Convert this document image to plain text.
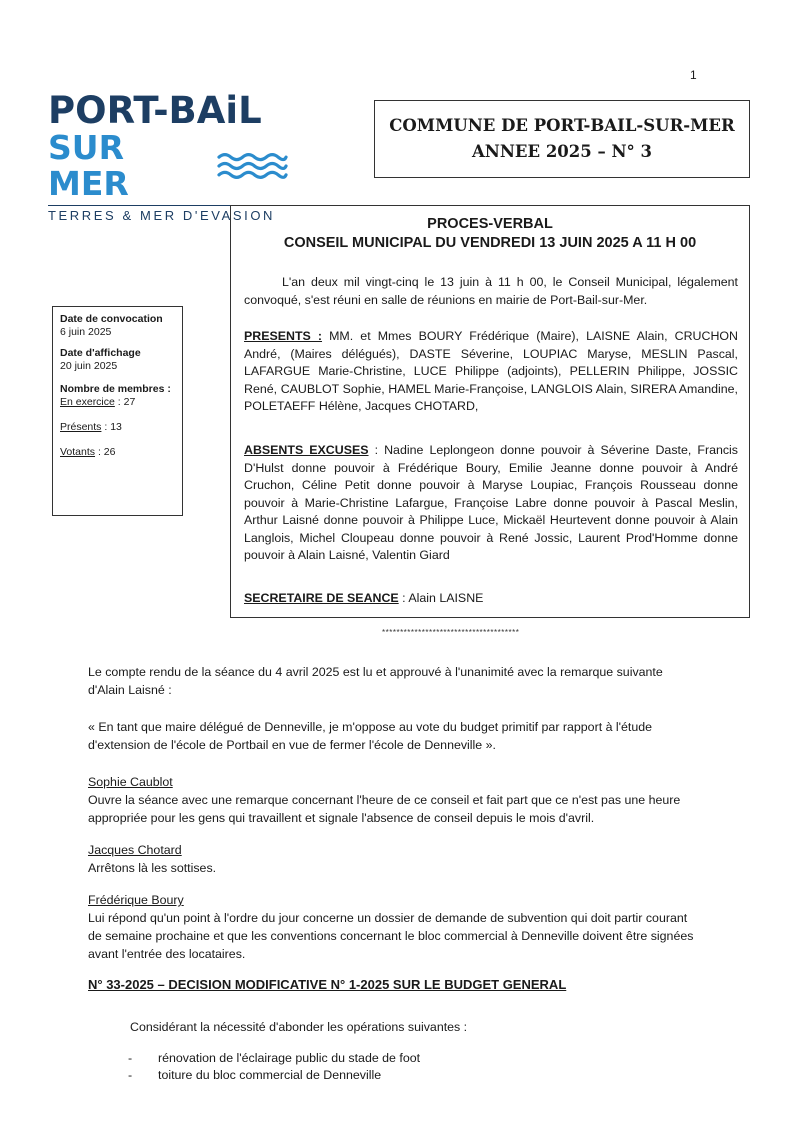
1
PORT-BAiL
SUR MER
TERRES & MER D'EVASION
COMMUNE DE PORT-BAIL-SUR-MER
ANNEE 2025 – N° 3
Date de convocation
6 juin 2025
Date d'affichage
20 juin 2025
Nombre de membres :
En exercice : 27
Présents : 13
Votants : 26
PROCES-VERBAL
CONSEIL MUNICIPAL DU VENDREDI 13 JUIN 2025 A 11 H 00
L'an deux mil vingt-cinq le 13 juin à 11 h 00, le Conseil Municipal, légalement convoqué, s'est réuni en salle de réunions en mairie de Port-Bail-sur-Mer.
PRESENTS : MM. et Mmes BOURY Frédérique (Maire), LAISNE Alain, CRUCHON André, (Maires délégués), DASTE Séverine, LOUPIAC Maryse, MESLIN Pascal, LAFARGUE Marie-Christine, LUCE Philippe (adjoints), PELLERIN Philippe, JOSSIC René, CAUBLOT Sophie, HAMEL Marie-Françoise, LANGLOIS Alain, SIRERA Amandine, POLETAEFF Hélène, Jacques CHOTARD,
ABSENTS EXCUSES : Nadine Leplongeon donne pouvoir à Séverine Daste, Francis D'Hulst donne pouvoir à Frédérique Boury, Emilie Jeanne donne pouvoir à André Cruchon, Céline Petit donne pouvoir à Maryse Loupiac, François Rousseau donne pouvoir à Marie-Christine Lafargue, Françoise Labre donne pouvoir à Pascal Meslin, Arthur Laisné donne pouvoir à Philippe Luce, Mickaël Heurtevent donne pouvoir à Alain Langlois, Michel Cloupeau donne pouvoir à René Jossic, Laurent Prod'Homme donne pouvoir à Alain Laisné, Valentin Giard
SECRETAIRE DE SEANCE : Alain LAISNE
**************************************
Le compte rendu de la séance du 4 avril 2025 est lu et approuvé à l'unanimité avec la remarque suivante d'Alain Laisné :
« En tant que maire délégué de Denneville, je m'oppose au vote du budget primitif par rapport à l'étude d'extension de l'école de Portbail en vue de fermer l'école de Denneville ».
Sophie Caublot
Ouvre la séance avec une remarque concernant l'heure de ce conseil et fait part que ce n'est pas une heure appropriée pour les gens qui travaillent et signale l'absence de conseil depuis le mois d'avril.
Jacques Chotard
Arrêtons là les sottises.
Frédérique Boury
Lui répond qu'un point à l'ordre du jour concerne un dossier de demande de subvention qui doit partir courant de semaine prochaine et que les conventions concernant le bloc commercial à Denneville doivent être signées avant l'entrée des locataires.
N° 33-2025 – DECISION MODIFICATIVE N° 1-2025 SUR LE BUDGET GENERAL
Considérant la nécessité d'abonder les opérations suivantes :
- rénovation de l'éclairage public du stade de foot
- toiture du bloc commercial de Denneville
